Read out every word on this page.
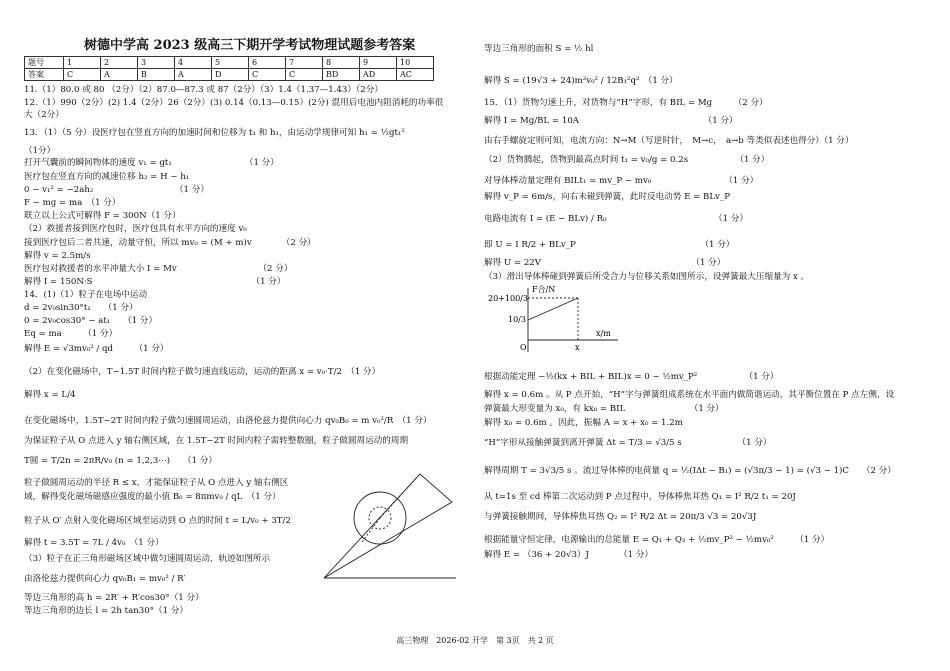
树德中学高 2023 级高三下期开学考试物理试题参考答案
题号	1	2	3	4	5	6	7	8	9	10
答案	C	A	B	A	D	C	C	BD	AD	AC
11.（1）80.0 或 80 （2分）（2）87.0—87.3 或 87（2分）（3）1.4（1.37—1.43）（2分）
12.（1）990（2分）(2) 1.4（2分）26（2分）(3) 0.14（0.13—0.15）(2分) 混用后电池内阻消耗的功率很
大（2分）
13．（1）（5 分）设医疗包在竖直方向的加速时间和位移为 t₁ 和 h₁，由运动学规律可知 h₁ = ½gt₁²
（1分）
打开气囊前的瞬间物体的速度 v₁ = gt₁　　　　　　　　　（1 分）
医疗包在竖直方向的减速位移 h₂ = H − h₁
0 − v₁² = −2ah₂　　　　　　　　　　（1 分）
F − mg = ma　（1 分）
联立以上公式可解得 F = 300N（1 分）
（2）救援者接到医疗包时，医疗包具有水平方向的速度 v₀
接到医疗包后二者共速，动量守恒，所以 mv₀ = (M + m)v　　　　（2 分）
解得 v = 2.5m/s
医疗包对救援者的水平冲量大小 I = Mv　　　　　　　　　　（2 分）
解得 I = 150N·S　　　　　　　　　　　　　　　　　　　（1 分）
14．(1)（1）粒子在电场中运动
d = 2v₀sin30°t₁　　（1 分）
0 = 2v₀cos30° − at₁　　（1 分）
Eq = ma　　　（1 分）
解得 E = √3mv₀² / qd　　　（1 分）
（2）在变化磁场中，T~1.5T 时间内粒子做匀速直线运动，运动的距离 x = v₀·T/2　（1 分）
解得 x = L/4
在变化磁场中，1.5T~2T 时间内粒子做匀速圆周运动，由洛伦兹力提供向心力 qv₀B₀ = m v₀²/R　（1 分）
为保证粒子从 O 点进入 y 轴右侧区域，在 1.5T~2T 时间内粒子需转整数圈，粒子做圆周运动的周期
T圆 = T/2n = 2πR/v₀ (n = 1,2,3⋯)　　（1 分）
粒子做圆周运动的半径 R ≤ x，才能保证粒子从 O 点进入 y 轴右侧区
域，解得变化磁场磁感应强度的最小值 B₀ = 8πmv₀ / qL　（1 分）
粒子从 O′ 点射入变化磁场区域至运动到 O 点的时间 t = L/v₀ + 3T/2
解得 t = 3.5T = 7L / 4v₀　（1 分）
（3）粒子在正三角形磁场区域中做匀速圆周运动，轨迹如图所示
由洛伦兹力提供向心力 qv₀B₁ = mv₀² / R′
等边三角形的高 h = 2R′ + R′cos30°（1 分）
等边三角形的边长 l = 2h tan30°（1 分）
等边三角形的面积 S = ½ hl
解得 S = (19√3 + 24)m²v₀² / 12B₁²q²　（1 分）
15．（1）货物匀速上升，对货物与“H”字形，有 BIL = Mg　　　（2 分）
解得 I = Mg/BL = 10A　　　　　　　　　　　　　　　（1 分）
由右手螺旋定则可知，电流方向：N→M（写逆时针，　M→c，　a→b 等类似表述也得分）（1 分）
（2）货物腾起，货物到最高点时间 t₁ = v₀/g = 0.2s　　　　　　（1 分）
对导体棒动量定理有 BILt₁ = mv_P − mv₀　　　　　　　　　（1 分）
解得 v_P = 6m/s，向右未碰到弹簧，此时反电动势 E = BLv_P
电路电流有 I = (E − BLv) / R₀　　　　　　　　　　　　　（1 分）
即 U = I R/2 + BLv_P　　　　　　　　　　　　　　　（1 分）
解得 U = 22V　　　　　　　　　　　　　　　　　　（1 分）
（3）滑出导体棒碰到弹簧后所受合力与位移关系如图所示，设弹簧最大压缩量为 x 。
根据动能定理 −½(kx + BIL + BIL)x = 0 − ½mv_P²　　　　　　（1 分）
解得 x = 0.6m 。从 P 点开始，“H”字与弹簧组成系统在水平面内做简谐运动，其平衡位置在 P 点左侧，设
弹簧最大形变量为 x₀，有 kx₀ = BIL　　　　　　　　（1 分）
解得 x₀ = 0.6m 。因此，振幅 A = x + x₀ = 1.2m
“H”字形从接触弹簧到离开弹簧 Δt = T/3 = √3/5 s　　　　　　　（1 分）
解得周期 T = 3√3/5 s 。流过导体棒的电荷量 q = ½(IΔt − B₁) = (√3π/3 − 1) = (√3 − 1)C　　（2 分）
从 t=1s 至 cd 棒第二次运动到 P 点过程中，导体棒焦耳热 Q₁ = I² R/2 t₁ = 20J
与弹簧接触期间，导体棒焦耳热 Q₂ = I² R/2 Δt = 20π/3 √3 = 20√3J
根据能量守恒定律，电源输出的总能量 E = Q₁ + Q₂ + ½mv_P² − ½mv₀²　　　（1 分）
解得 E = （36 + 20√3）J　　　　（1 分）
F合/N
20+100/3
10/3
x/m
O	x
高三物理　2026-02 开学　第 3页　共 2 页
